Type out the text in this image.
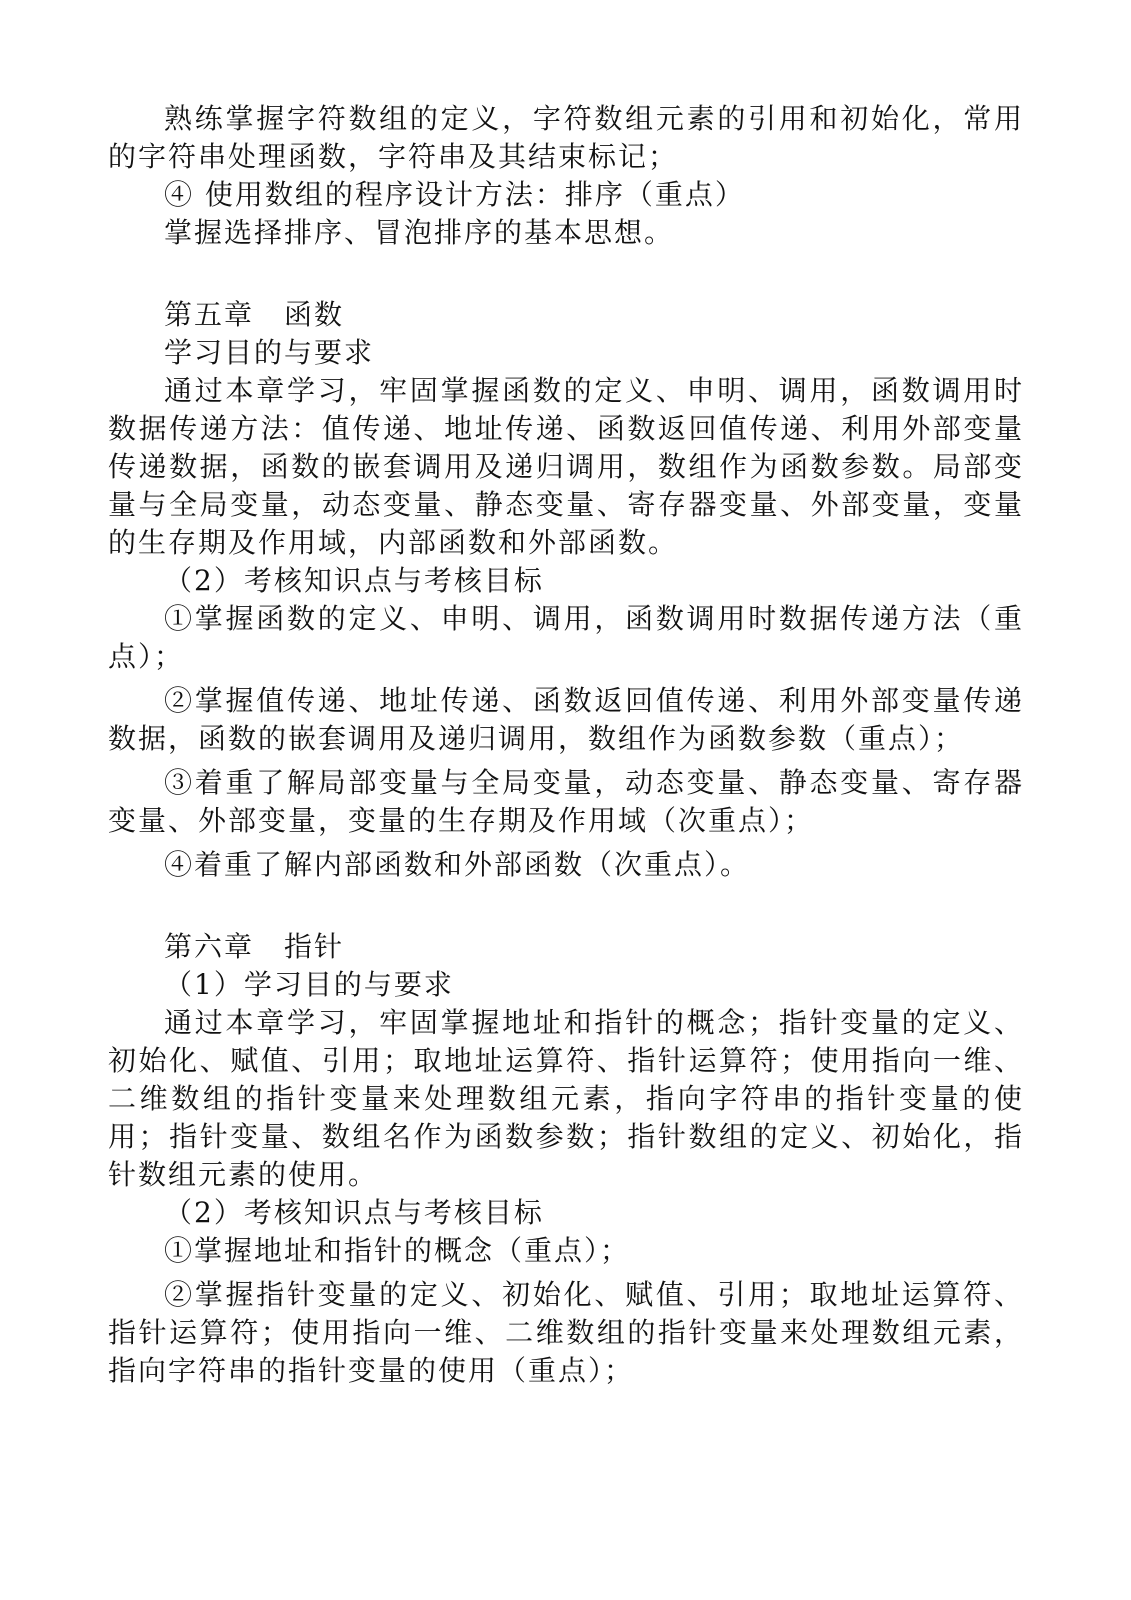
熟练掌握字符数组的定义，字符数组元素的引用和初始化，常用的字符串处理函数，字符串及其结束标记；

④ 使用数组的程序设计方法：排序（重点）

掌握选择排序、冒泡排序的基本思想。

第五章　函数

学习目的与要求

通过本章学习，牢固掌握函数的定义、申明、调用，函数调用时数据传递方法：值传递、地址传递、函数返回值传递、利用外部变量传递数据，函数的嵌套调用及递归调用，数组作为函数参数。局部变量与全局变量，动态变量、静态变量、寄存器变量、外部变量，变量的生存期及作用域，内部函数和外部函数。

（2）考核知识点与考核目标

①掌握函数的定义、申明、调用，函数调用时数据传递方法（重点）；

②掌握值传递、地址传递、函数返回值传递、利用外部变量传递数据，函数的嵌套调用及递归调用，数组作为函数参数（重点）；

③着重了解局部变量与全局变量，动态变量、静态变量、寄存器变量、外部变量，变量的生存期及作用域（次重点）；

④着重了解内部函数和外部函数（次重点）。

第六章　指针

（1）学习目的与要求

通过本章学习，牢固掌握地址和指针的概念；指针变量的定义、初始化、赋值、引用；取地址运算符、指针运算符；使用指向一维、二维数组的指针变量来处理数组元素，指向字符串的指针变量的使用；指针变量、数组名作为函数参数；指针数组的定义、初始化，指针数组元素的使用。

（2）考核知识点与考核目标

①掌握地址和指针的概念（重点）；

②掌握指针变量的定义、初始化、赋值、引用；取地址运算符、指针运算符；使用指向一维、二维数组的指针变量来处理数组元素，指向字符串的指针变量的使用（重点）；
